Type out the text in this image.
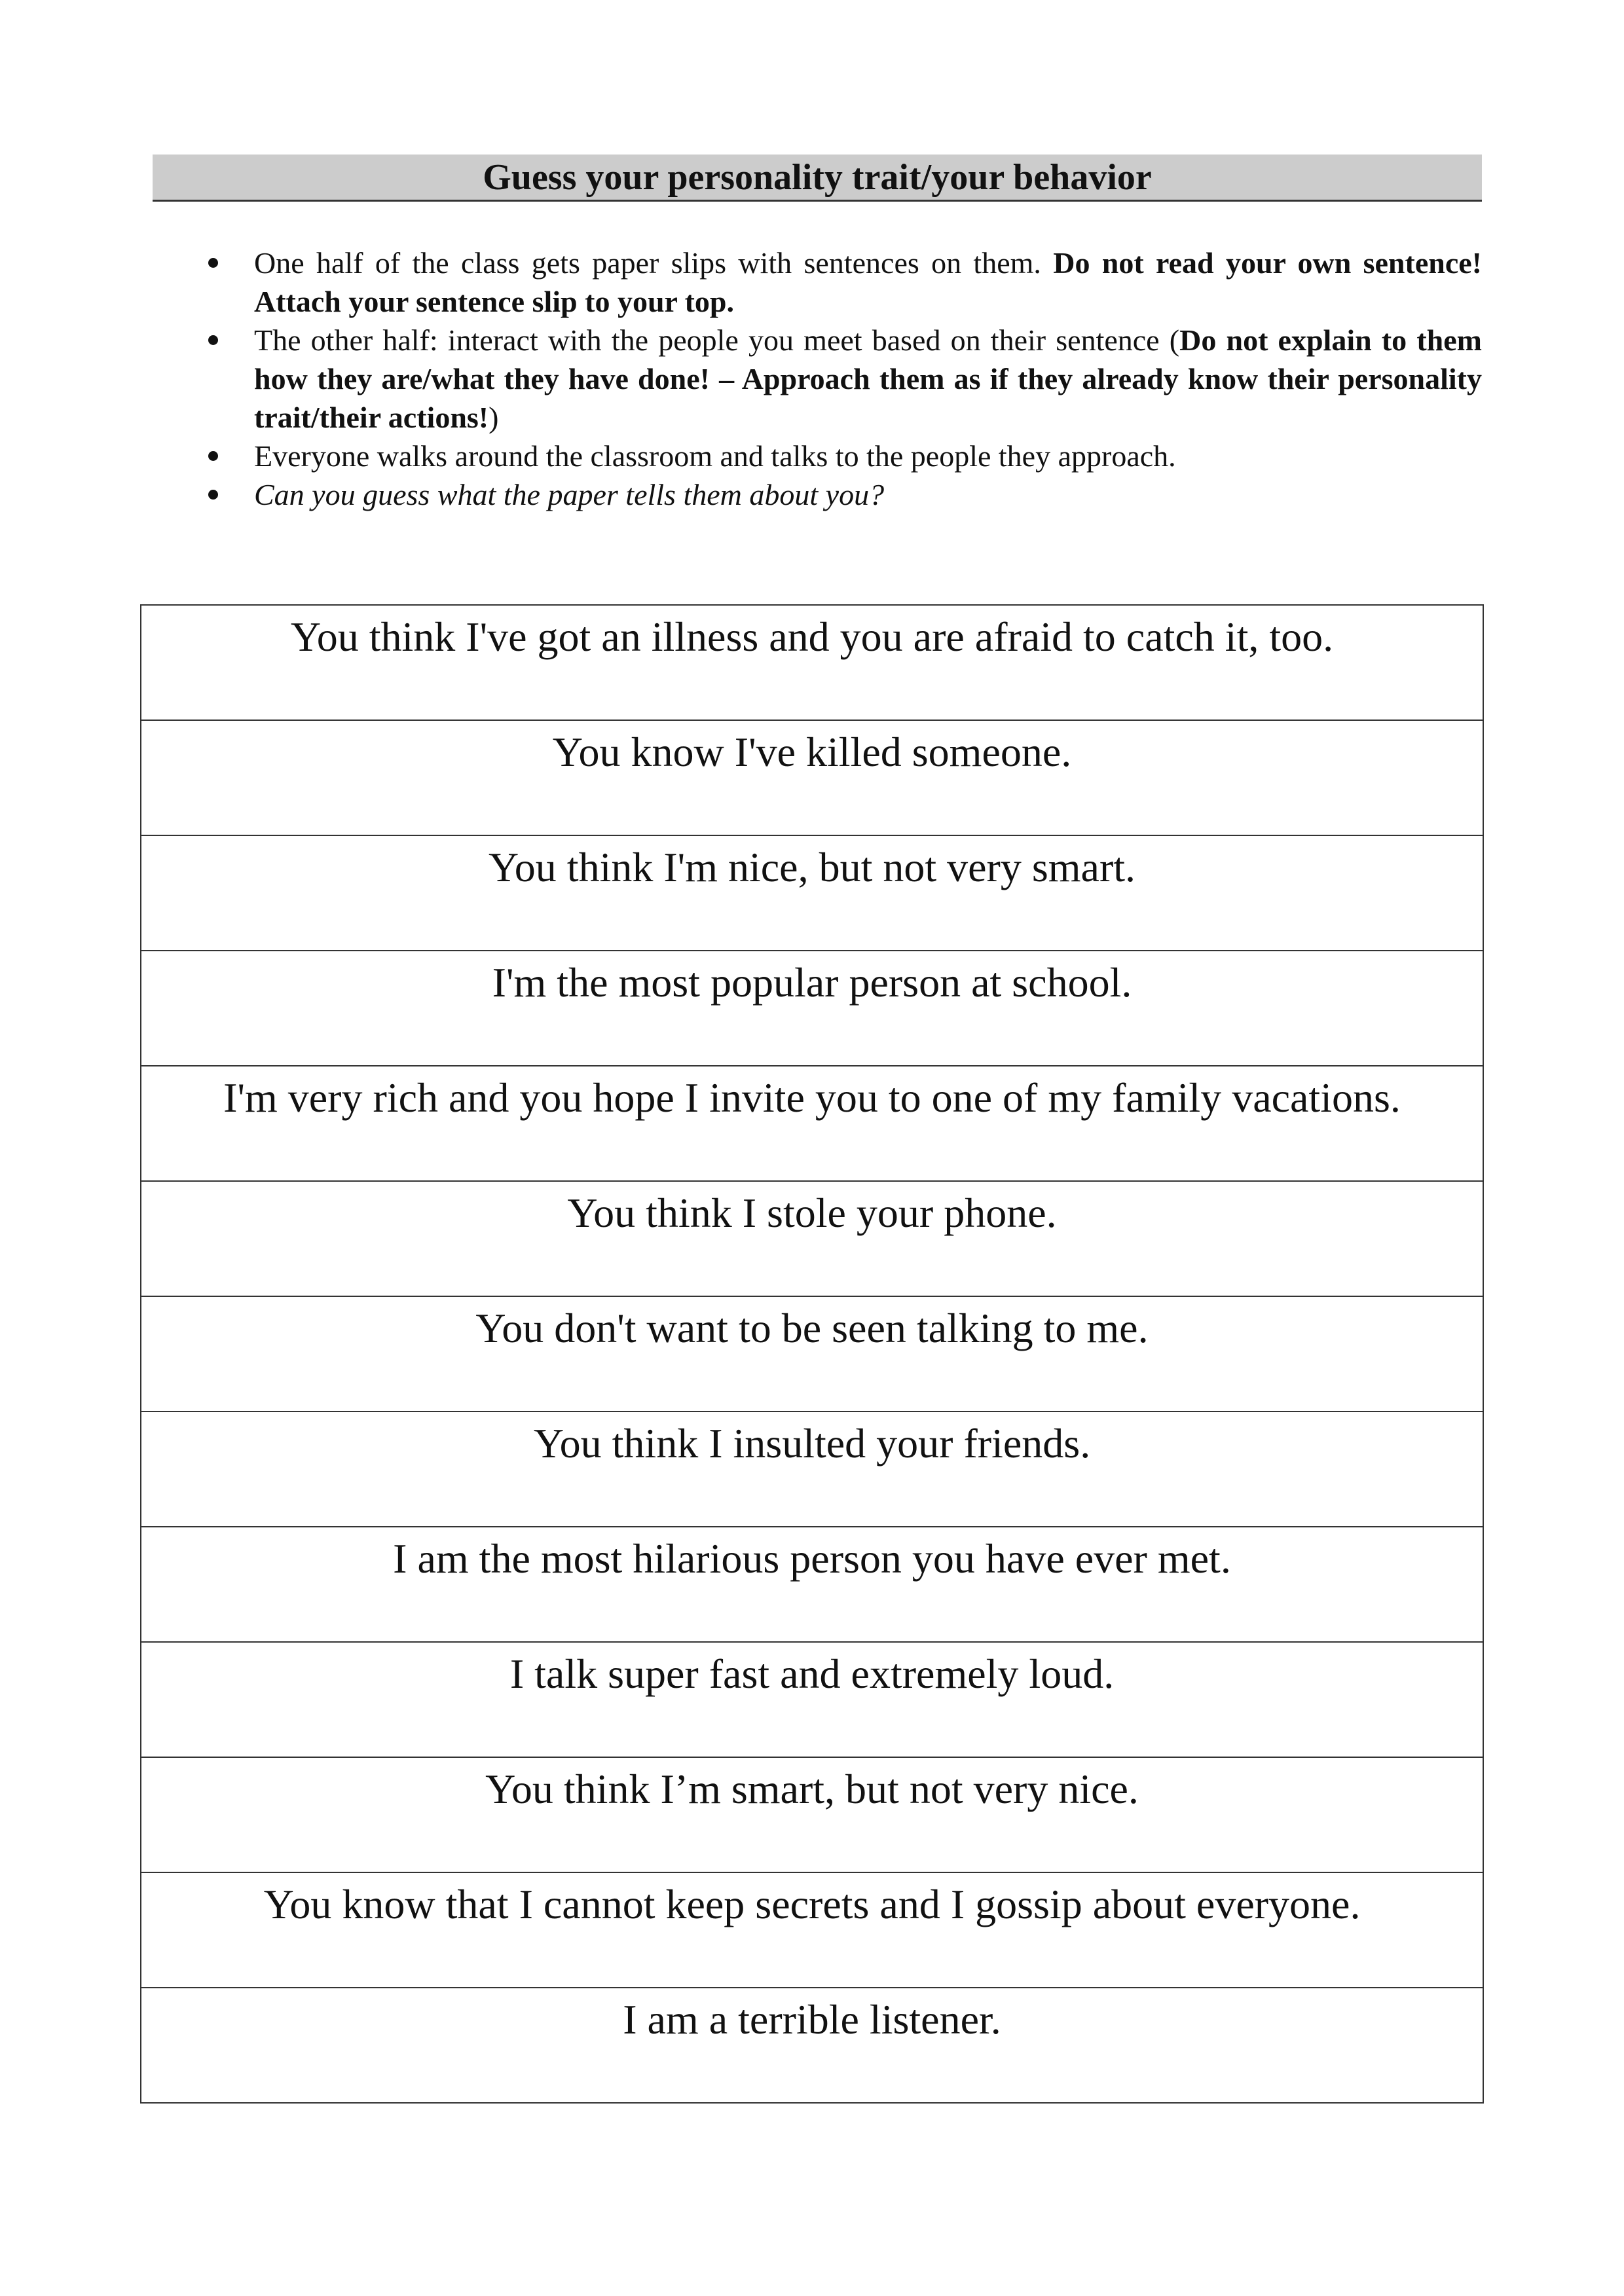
Guess your personality trait/your behavior
One half of the class gets paper slips with sentences on them. Do not read your own sentence! Attach your sentence slip to your top.
The other half: interact with the people you meet based on their sentence (Do not explain to them how they are/what they have done! – Approach them as if they already know their personality trait/their actions!)
Everyone walks around the classroom and talks to the people they approach.
Can you guess what the paper tells them about you?
You think I've got an illness and you are afraid to catch it, too.
You know I've killed someone.
You think I'm nice, but not very smart.
I'm the most popular person at school.
I'm very rich and you hope I invite you to one of my family vacations.
You think I stole your phone.
You don't want to be seen talking to me.
You think I insulted your friends.
I am the most hilarious person you have ever met.
I talk super fast and extremely loud.
You think I’m smart, but not very nice.
You know that I cannot keep secrets and I gossip about everyone.
I am a terrible listener.
